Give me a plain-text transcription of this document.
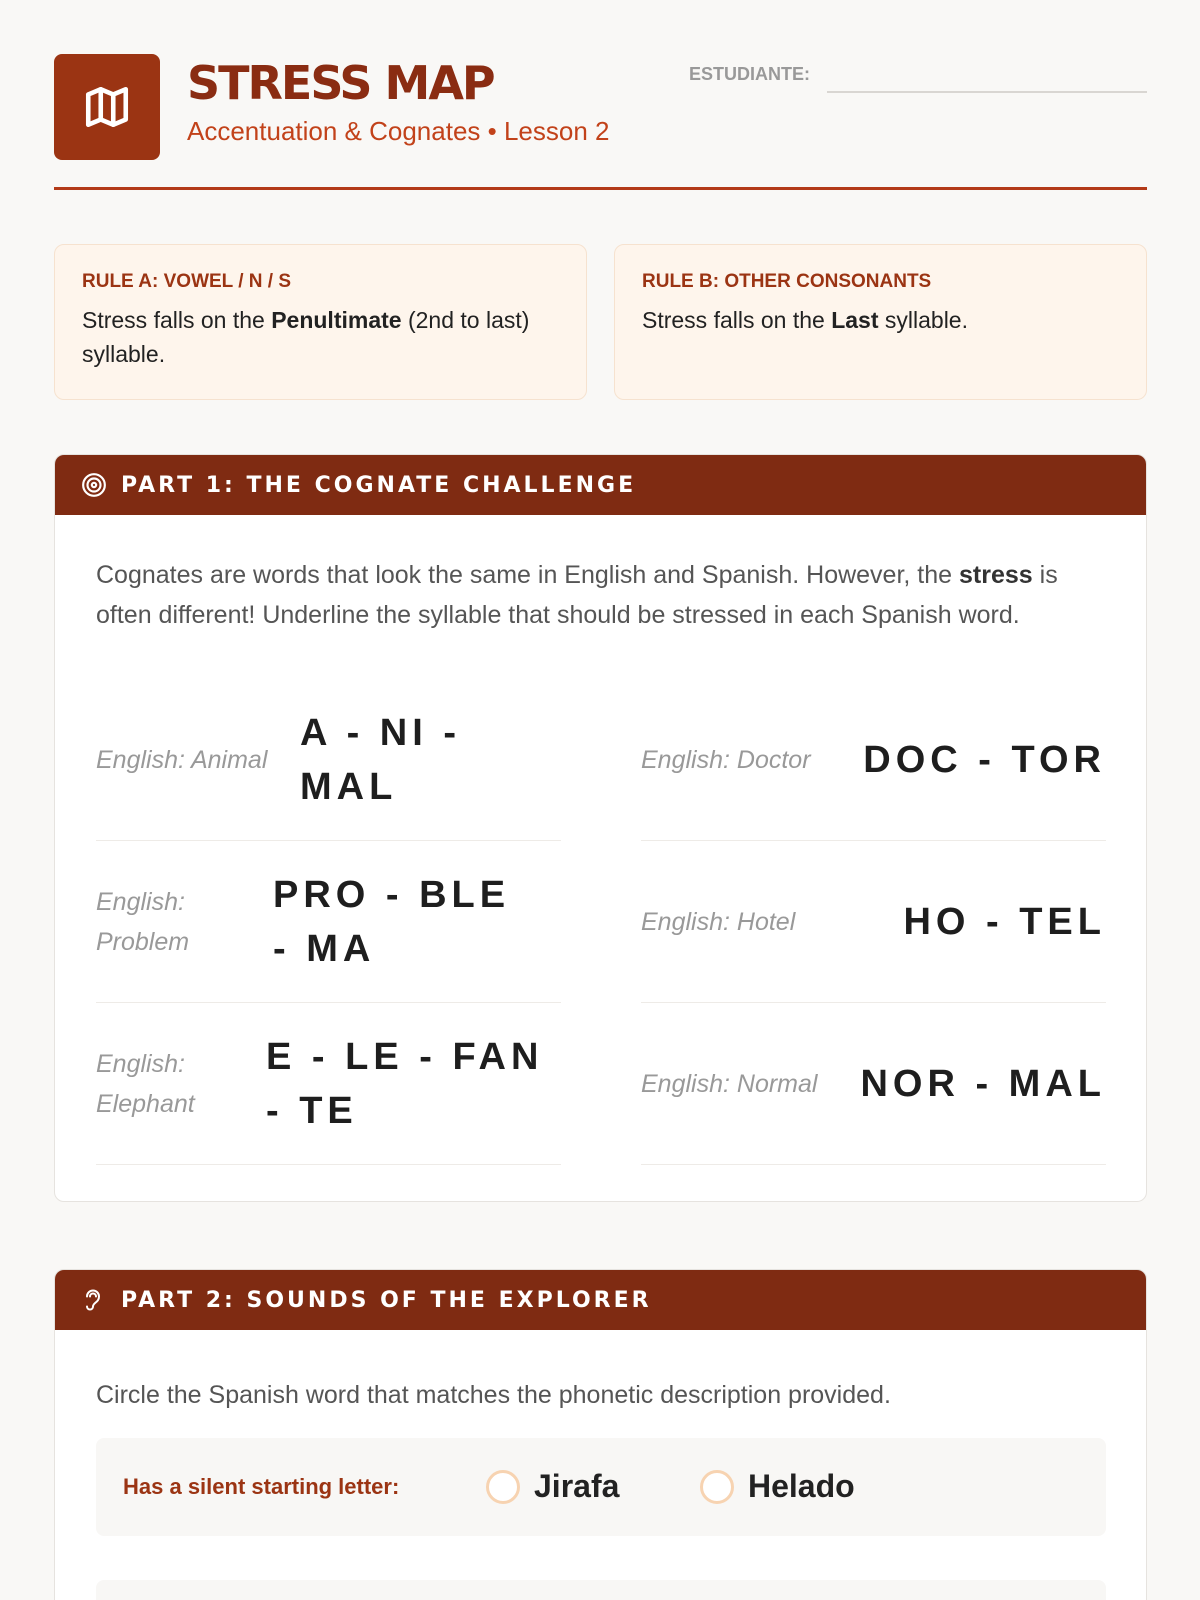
STRESS MAP
Accentuation & Cognates • Lesson 2
ESTUDIANTE:
RULE A: VOWEL / N / S
Stress falls on the Penultimate (2nd to last) syllable.
RULE B: OTHER CONSONANTS
Stress falls on the Last syllable.
PART 1: THE COGNATE CHALLENGE
Cognates are words that look the same in English and Spanish. However, the stress is often different! Underline the syllable that should be stressed in each Spanish word.
English: Animal
A - NI - MAL
English: Doctor	DOC - TOR
English: Problem
PRO - BLE - MA
English: Hotel	HO - TEL
English: Elephant
E - LE - FAN - TE
English: Normal	NOR - MAL
PART 2: SOUNDS OF THE EXPLORER
Circle the Spanish word that matches the phonetic description provided.
Has a silent starting letter:	Jirafa	Helado
